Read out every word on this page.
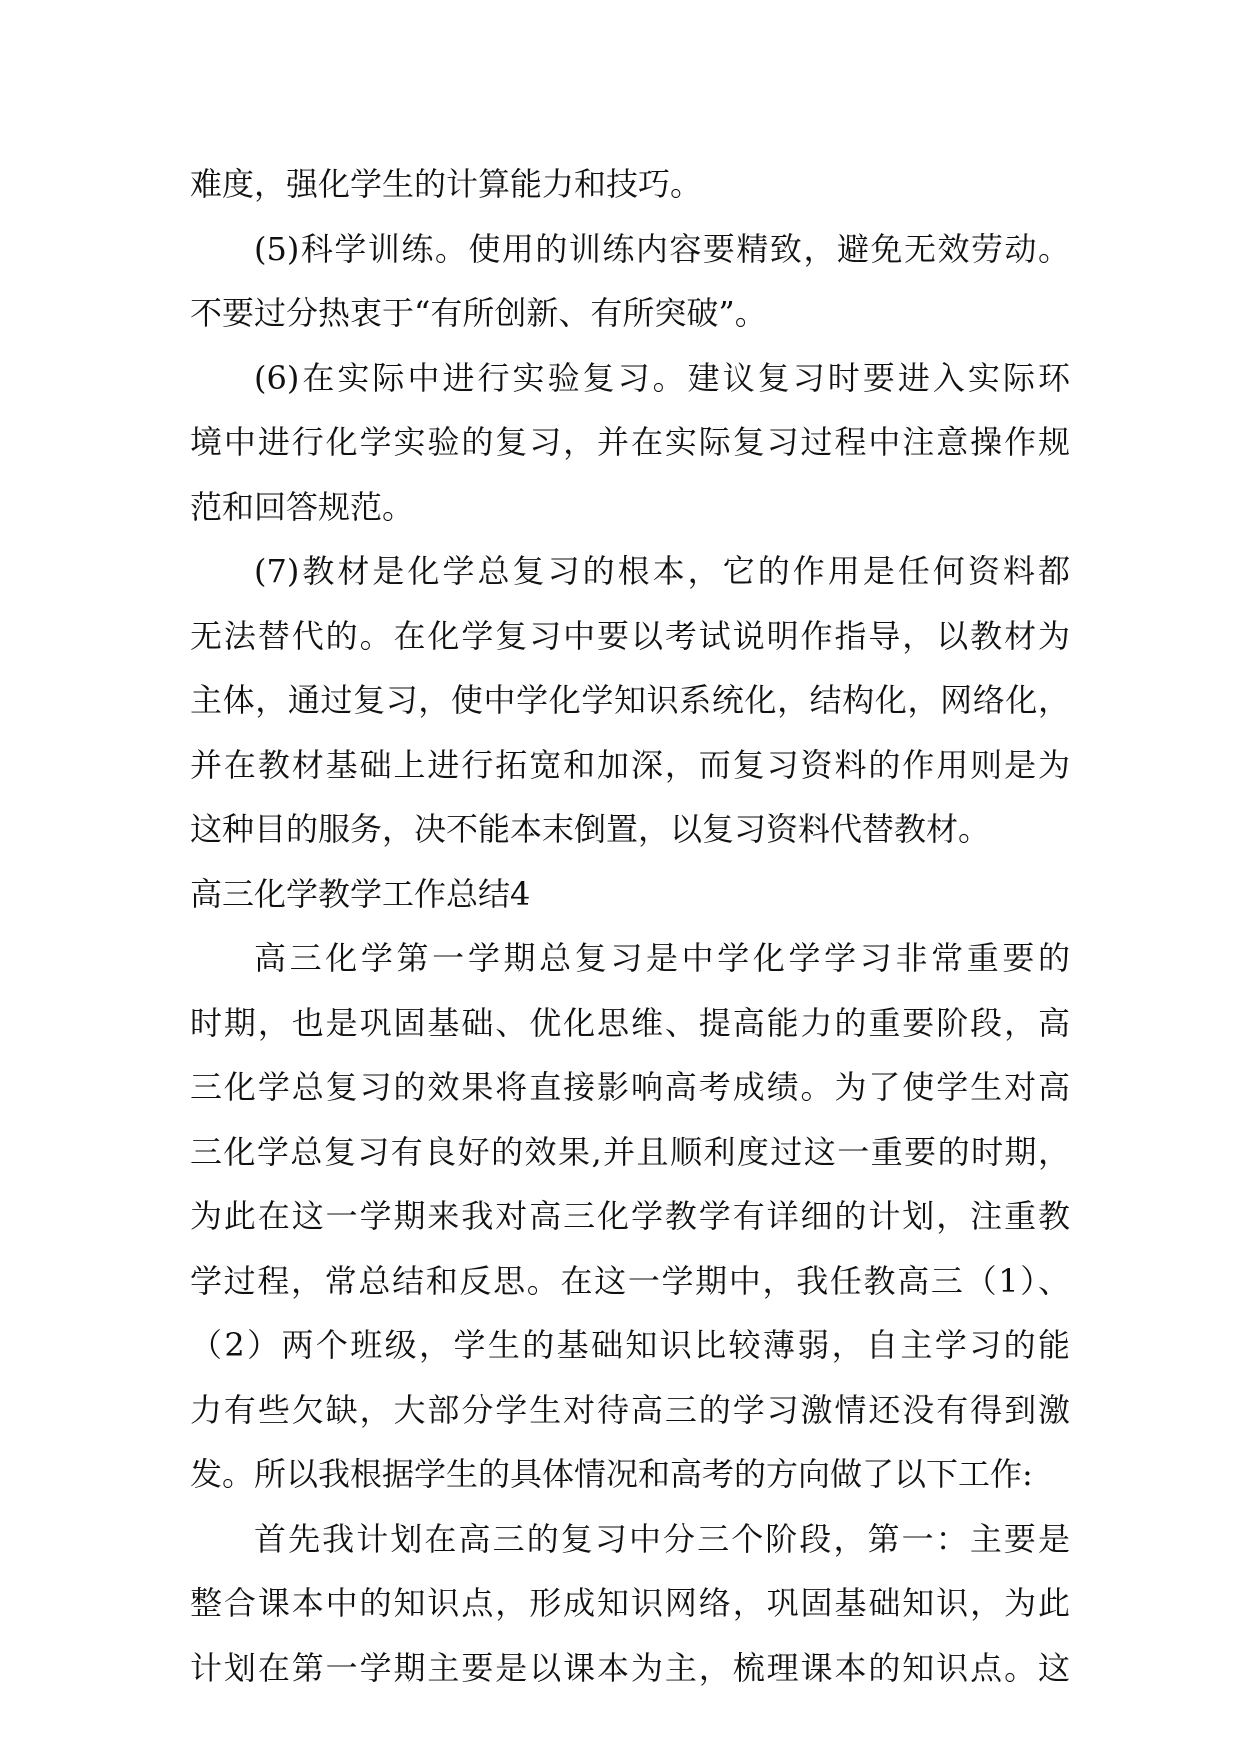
难度，强化学生的计算能力和技巧。
(5)科学训练。使用的训练内容要精致，避免无效劳动。
不要过分热衷于“有所创新、有所突破”。
(6)在实际中进行实验复习。建议复习时要进入实际环
境中进行化学实验的复习，并在实际复习过程中注意操作规
范和回答规范。
(7)教材是化学总复习的根本，它的作用是任何资料都
无法替代的。在化学复习中要以考试说明作指导，以教材为
主体，通过复习，使中学化学知识系统化，结构化，网络化，
并在教材基础上进行拓宽和加深，而复习资料的作用则是为
这种目的服务，决不能本末倒置，以复习资料代替教材。
高三化学教学工作总结4
高三化学第一学期总复习是中学化学学习非常重要的
时期，也是巩固基础、优化思维、提高能力的重要阶段，高
三化学总复习的效果将直接影响高考成绩。为了使学生对高
三化学总复习有良好的效果,并且顺利度过这一重要的时期，
为此在这一学期来我对高三化学教学有详细的计划，注重教
学过程，常总结和反思。在这一学期中，我任教高三（1）、
（2）两个班级，学生的基础知识比较薄弱，自主学习的能
力有些欠缺，大部分学生对待高三的学习激情还没有得到激
发。所以我根据学生的具体情况和高考的方向做了以下工作:
首先我计划在高三的复习中分三个阶段，第一：主要是
整合课本中的知识点，形成知识网络，巩固基础知识，为此
计划在第一学期主要是以课本为主，梳理课本的知识点。这
